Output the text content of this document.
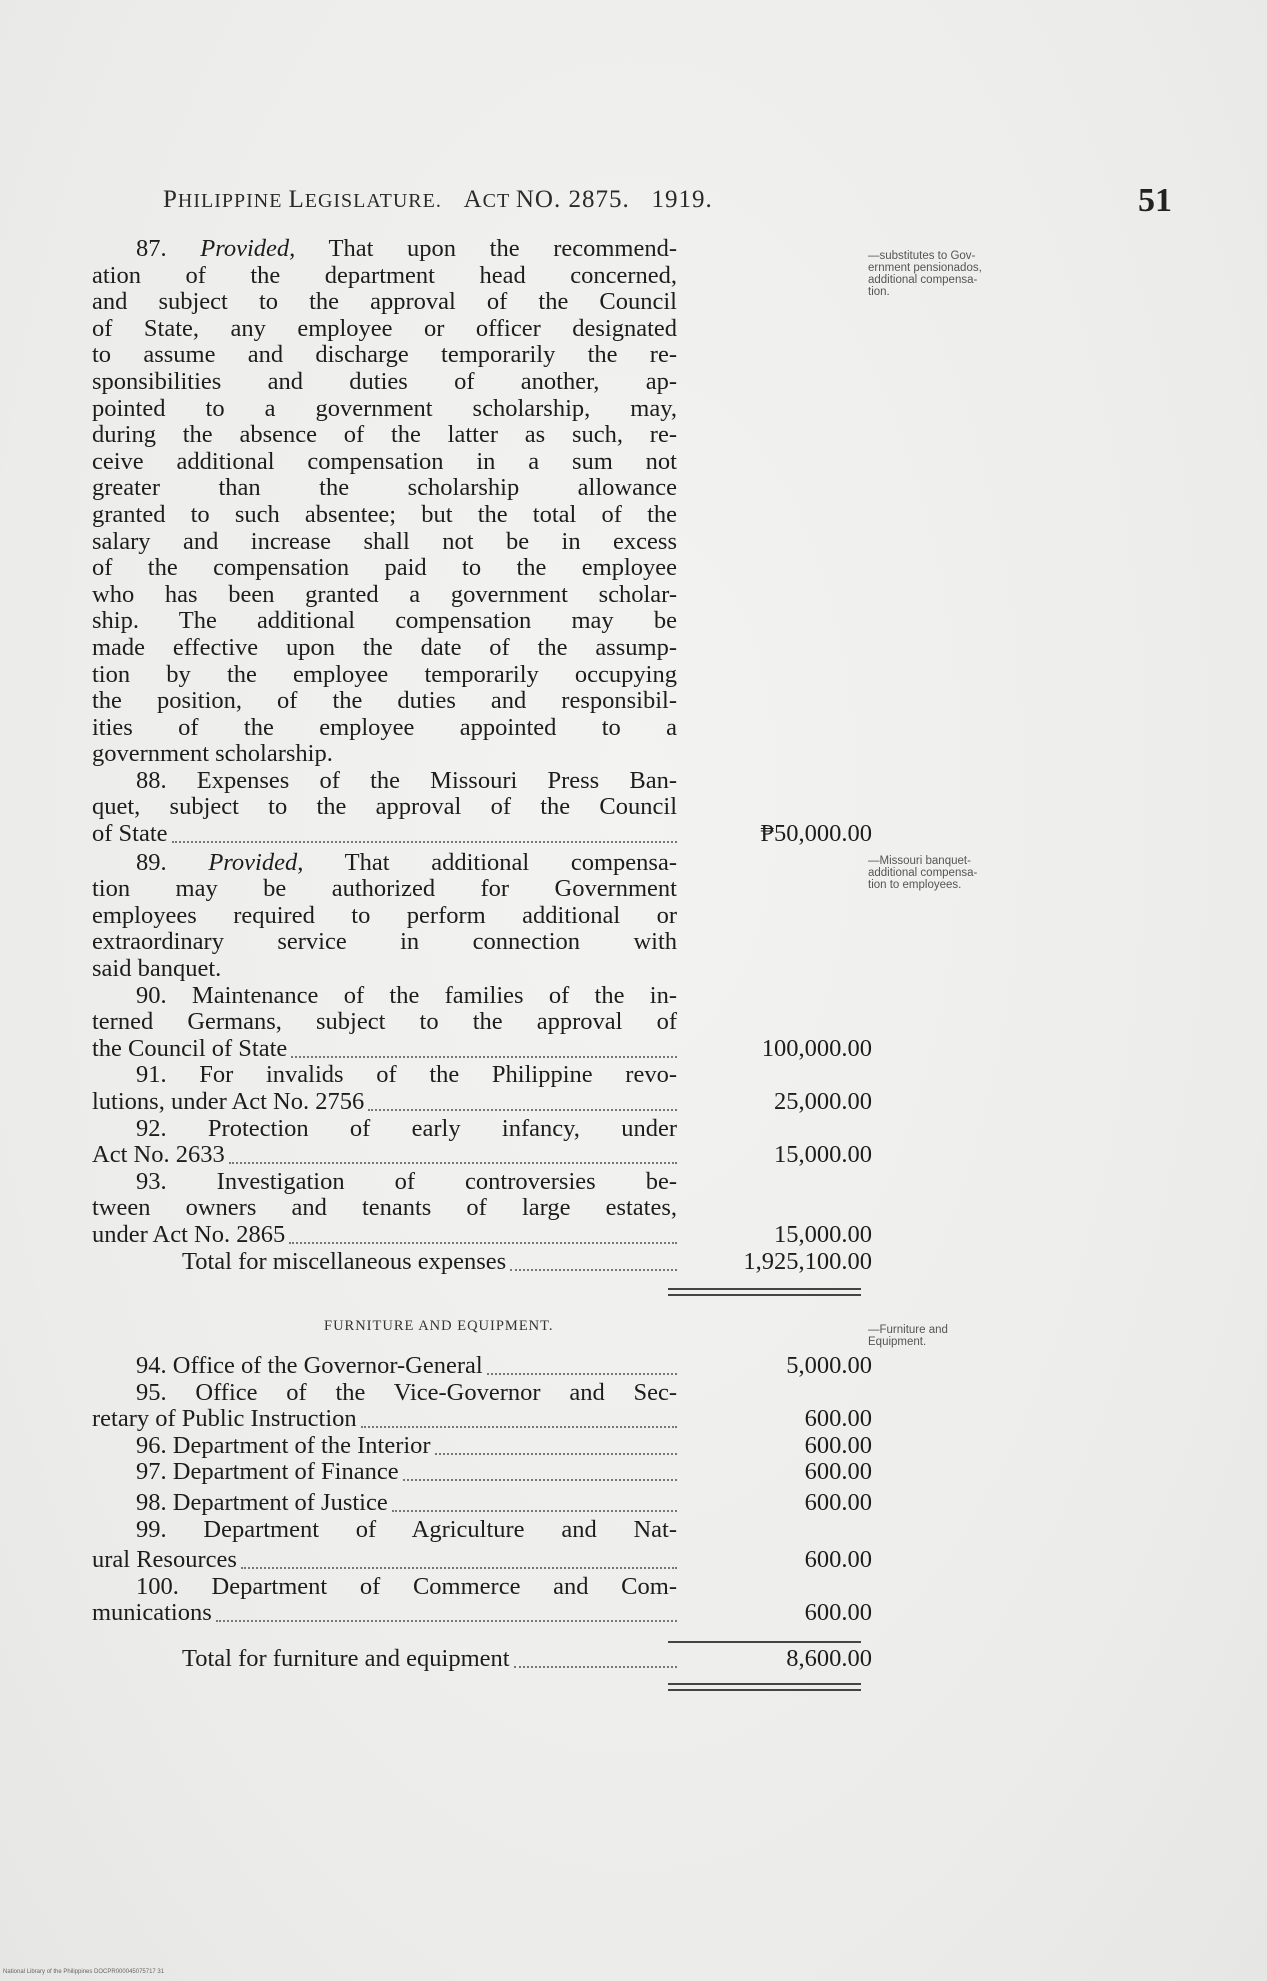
PHILIPPINE LEGISLATURE. ACT NO. 2875. 1919.	51
87. Provided, That upon the recommend-
ation of the department head concerned,
and subject to the approval of the Council
of State, any employee or officer designated
to assume and discharge temporarily the re-
sponsibilities and duties of another, ap-
pointed to a government scholarship, may,
during the absence of the latter as such, re-
ceive additional compensation in a sum not
greater than the scholarship allowance
granted to such absentee; but the total of the
salary and increase shall not be in excess
of the compensation paid to the employee
who has been granted a government scholar-
ship. The additional compensation may be
made effective upon the date of the assump-
tion by the employee temporarily occupying
the position, of the duties and responsibil-
ities of the employee appointed to a
government scholarship.
88. Expenses of the Missouri Press Ban-
quet, subject to the approval of the Council
of State	₱50,000.00
89. Provided, That additional compensa-
tion may be authorized for Government
employees required to perform additional or
extraordinary service in connection with
said banquet.
90. Maintenance of the families of the in-
terned Germans, subject to the approval of
the Council of State	100,000.00
91. For invalids of the Philippine revo-
lutions, under Act No. 2756	25,000.00
92. Protection of early infancy, under
Act No. 2633	15,000.00
93. Investigation of controversies be-
tween owners and tenants of large estates,
under Act No. 2865	15,000.00
Total for miscellaneous expenses	1,925,100.00
FURNITURE AND EQUIPMENT.
94. Office of the Governor-General	5,000.00
95. Office of the Vice-Governor and Sec-
retary of Public Instruction	600.00
96. Department of the Interior	600.00
97. Department of Finance	600.00
98. Department of Justice	600.00
99. Department of Agriculture and Nat-
ural Resources	600.00
100. Department of Commerce and Com-
munications	600.00
Total for furniture and equipment	8,600.00
—substitutes to Gov-
ernment pensionados,
additional compensa-
tion.
—Missouri banquet-
additional compensa-
tion to employees.
—Furniture and
Equipment.
National Library of the Philippines DOCPR000045075717 31
